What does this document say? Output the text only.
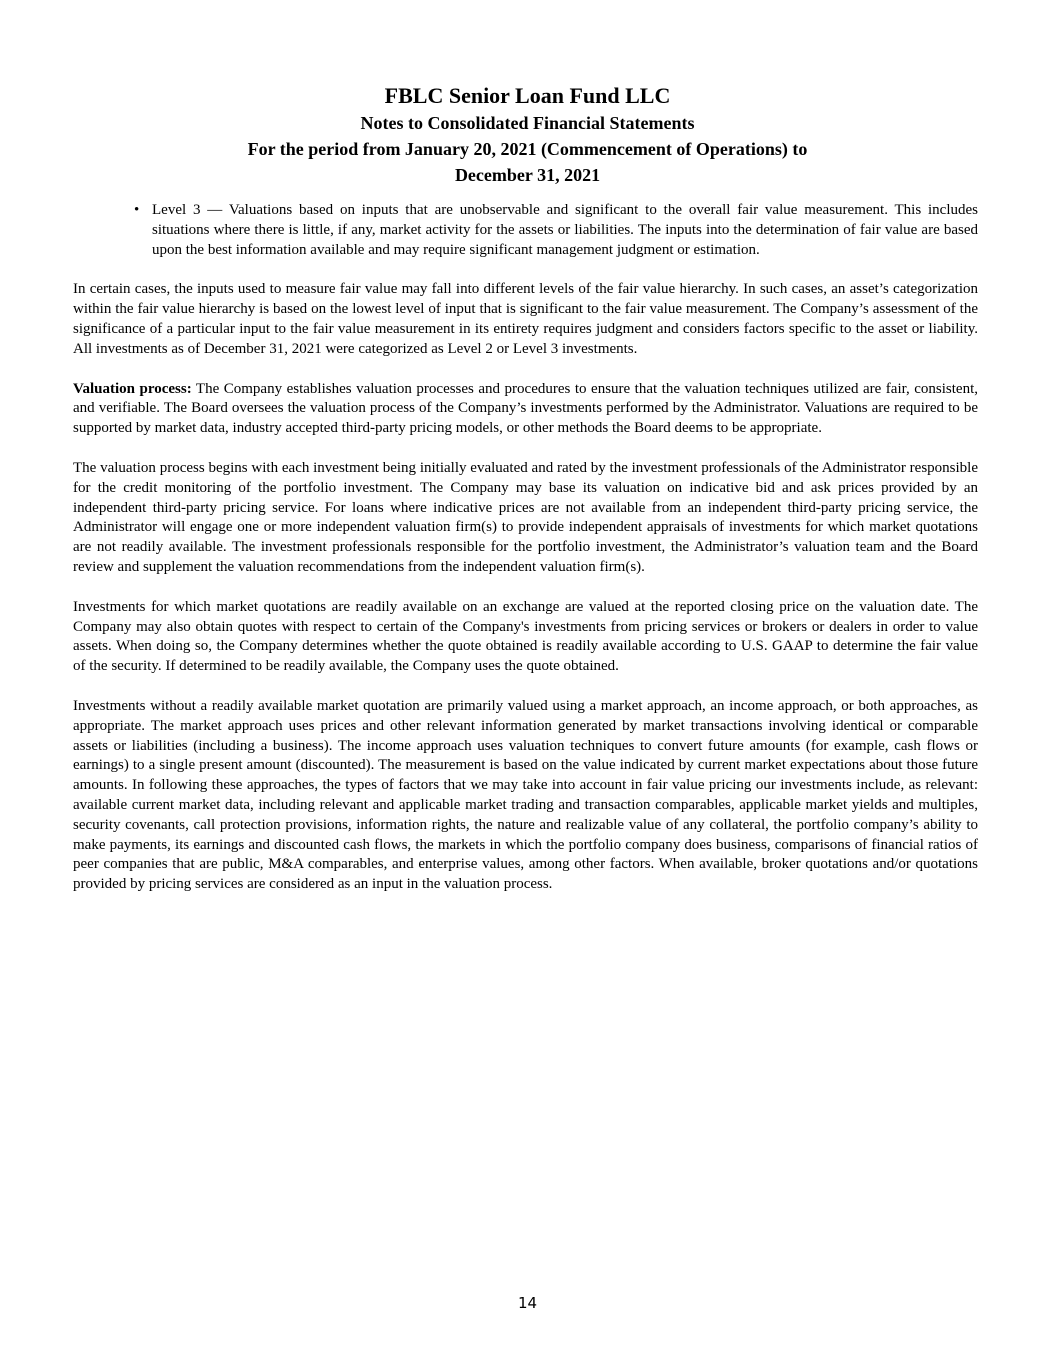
FBLC Senior Loan Fund LLC
Notes to Consolidated Financial Statements
For the period from January 20, 2021 (Commencement of Operations) to
December 31, 2021
• Level 3 — Valuations based on inputs that are unobservable and significant to the overall fair value measurement. This includes situations where there is little, if any, market activity for the assets or liabilities. The inputs into the determination of fair value are based upon the best information available and may require significant management judgment or estimation.

In certain cases, the inputs used to measure fair value may fall into different levels of the fair value hierarchy. In such cases, an asset’s categorization within the fair value hierarchy is based on the lowest level of input that is significant to the fair value measurement. The Company’s assessment of the significance of a particular input to the fair value measurement in its entirety requires judgment and considers factors specific to the asset or liability. All investments as of December 31, 2021 were categorized as Level 2 or Level 3 investments.

Valuation process: The Company establishes valuation processes and procedures to ensure that the valuation techniques utilized are fair, consistent, and verifiable. The Board oversees the valuation process of the Company’s investments performed by the Administrator. Valuations are required to be supported by market data, industry accepted third-party pricing models, or other methods the Board deems to be appropriate.

The valuation process begins with each investment being initially evaluated and rated by the investment professionals of the Administrator responsible for the credit monitoring of the portfolio investment. The Company may base its valuation on indicative bid and ask prices provided by an independent third-party pricing service. For loans where indicative prices are not available from an independent third-party pricing service, the Administrator will engage one or more independent valuation firm(s) to provide independent appraisals of investments for which market quotations are not readily available. The investment professionals responsible for the portfolio investment, the Administrator’s valuation team and the Board review and supplement the valuation recommendations from the independent valuation firm(s).

Investments for which market quotations are readily available on an exchange are valued at the reported closing price on the valuation date. The Company may also obtain quotes with respect to certain of the Company's investments from pricing services or brokers or dealers in order to value assets. When doing so, the Company determines whether the quote obtained is readily available according to U.S. GAAP to determine the fair value of the security. If determined to be readily available, the Company uses the quote obtained.

Investments without a readily available market quotation are primarily valued using a market approach, an income approach, or both approaches, as appropriate. The market approach uses prices and other relevant information generated by market transactions involving identical or comparable assets or liabilities (including a business). The income approach uses valuation techniques to convert future amounts (for example, cash flows or earnings) to a single present amount (discounted). The measurement is based on the value indicated by current market expectations about those future amounts. In following these approaches, the types of factors that we may take into account in fair value pricing our investments include, as relevant: available current market data, including relevant and applicable market trading and transaction comparables, applicable market yields and multiples, security covenants, call protection provisions, information rights, the nature and realizable value of any collateral, the portfolio company’s ability to make payments, its earnings and discounted cash flows, the markets in which the portfolio company does business, comparisons of financial ratios of peer companies that are public, M&A comparables, and enterprise values, among other factors. When available, broker quotations and/or quotations provided by pricing services are considered as an input in the valuation process.

14
